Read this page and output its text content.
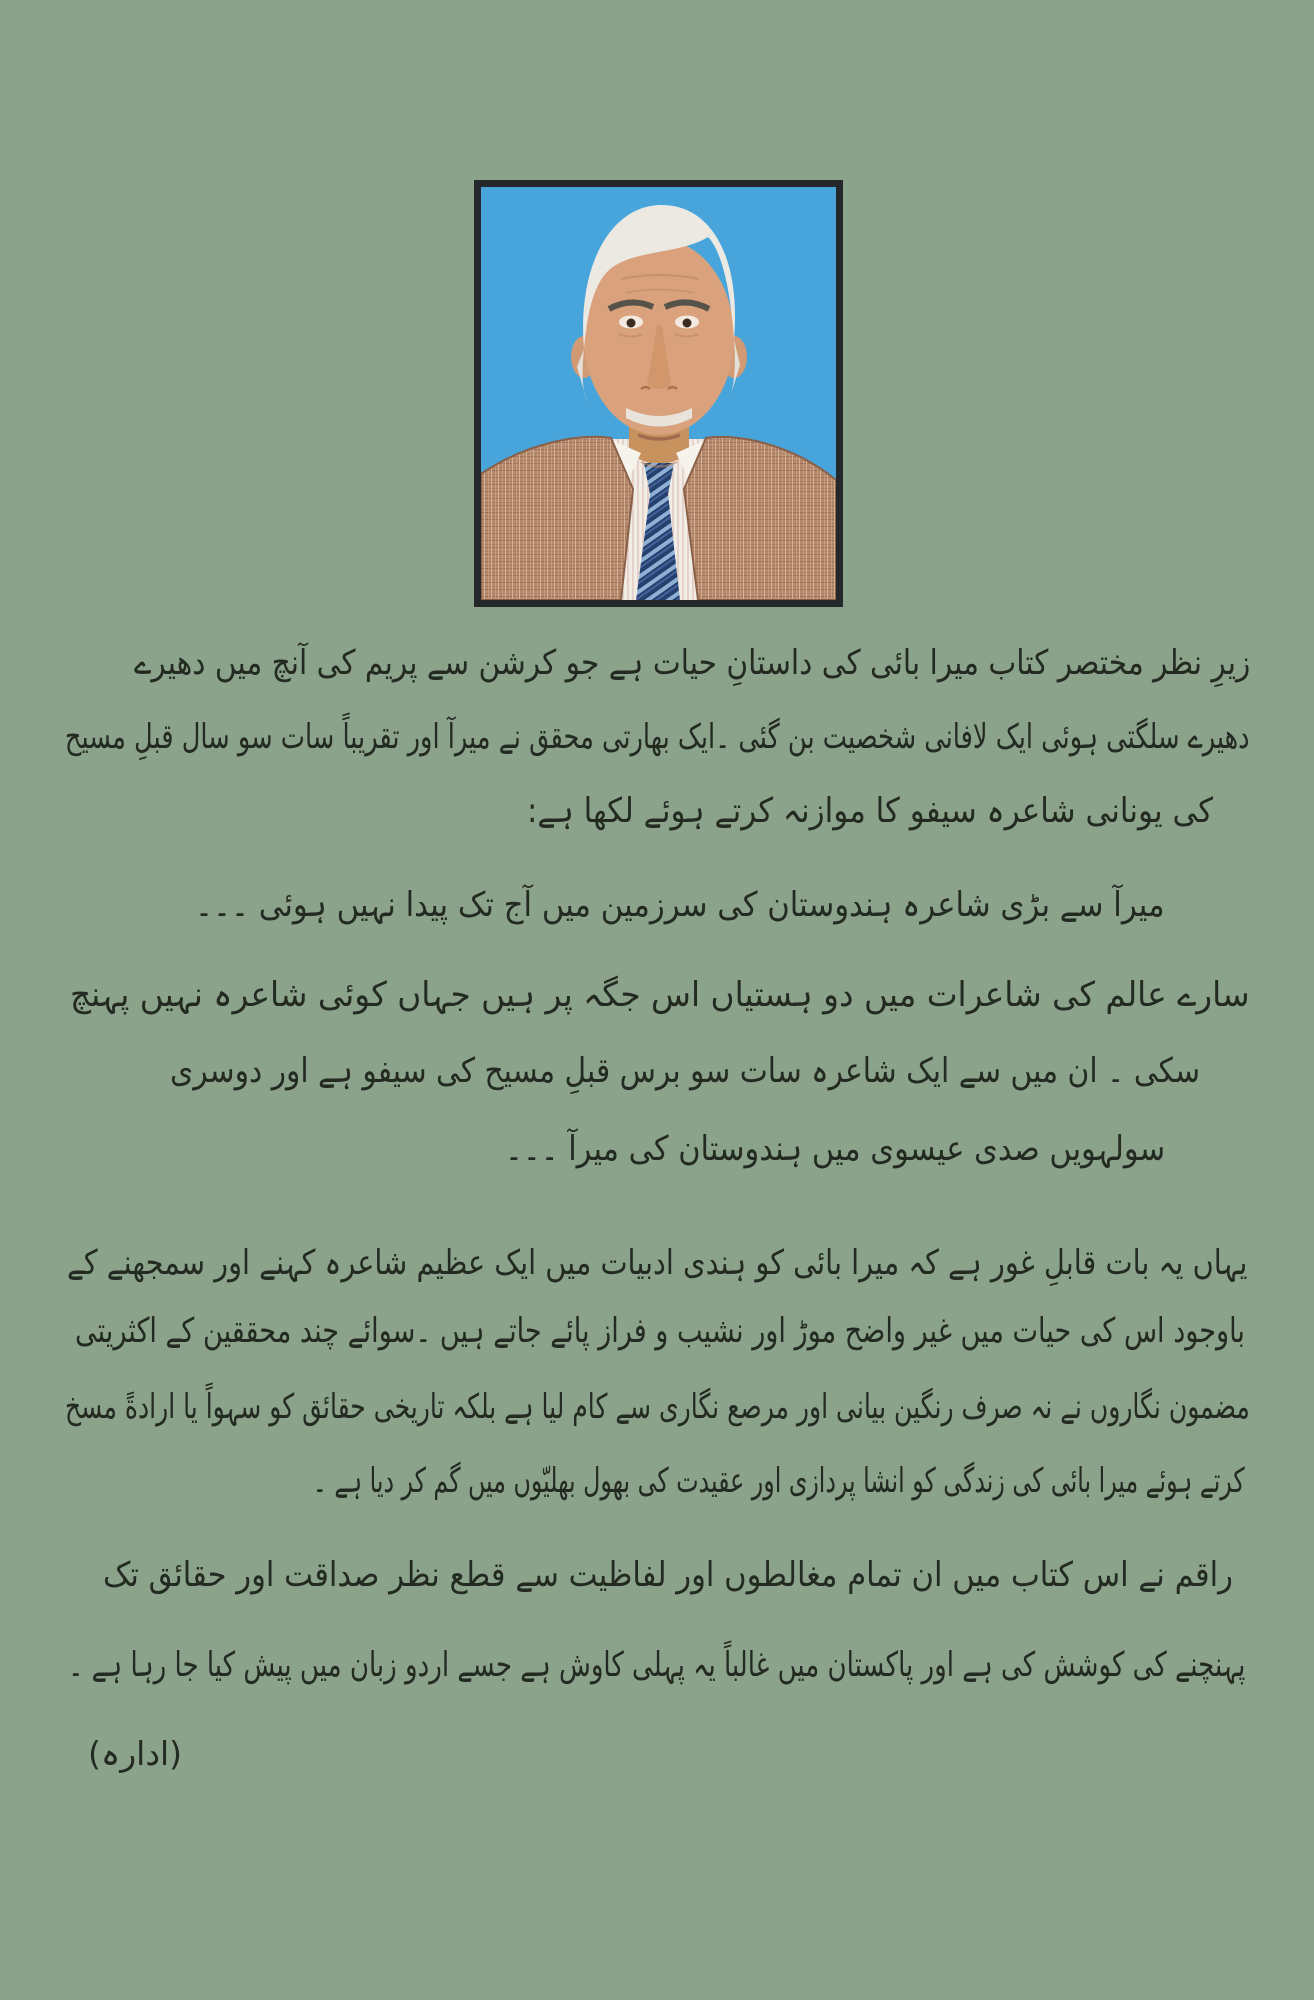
زیرِ نظر مختصر کتاب میرا بائی کی داستانِ حیات ہے جو کرشن سے پریم کی آنچ میں دھیرے
دھیرے سلگتی ہوئی ایک لافانی شخصیت بن گئی ۔ایک بھارتی محقق نے میرآ اور تقریباً سات سو سال قبلِ مسیح
کی یونانی شاعرہ سیفو کا موازنہ کرتے ہوئے لکھا ہے:
میرآ سے بڑی شاعرہ ہندوستان کی سرزمین میں آج تک پیدا نہیں ہوئی ۔۔۔
سارے عالم کی شاعرات میں دو ہستیاں اس جگہ پر ہیں جہاں کوئی شاعرہ نہیں پہنچ
سکی ۔ ان میں سے ایک شاعرہ سات سو برس قبلِ مسیح کی سیفو ہے اور دوسری
سولہویں صدی عیسوی میں ہندوستان کی میرآ ۔۔۔
یہاں یہ بات قابلِ غور ہے کہ میرا بائی کو ہندی ادبیات میں ایک عظیم شاعرہ کہنے اور سمجھنے کے
باوجود اس کی حیات میں غیر واضح موڑ اور نشیب و فراز پائے جاتے ہیں ۔سوائے چند محققین کے اکثریتی
مضمون نگاروں نے نہ صرف رنگین بیانی اور مرصع نگاری سے کام لیا ہے بلکہ تاریخی حقائق کو سہواً یا ارادةً مسخ
کرتے ہوئے میرا بائی کی زندگی کو انشا پردازی اور عقیدت کی بھول بھلیّوں میں گم کر دیا ہے ۔
راقم نے اس کتاب میں ان تمام مغالطوں اور لفاظیت سے قطع نظر صداقت اور حقائق تک
پہنچنے کی کوشش کی ہے اور پاکستان میں غالباً یہ پہلی کاوش ہے جسے اردو زبان میں پیش کیا جا رہا ہے ۔
(ادارہ)
